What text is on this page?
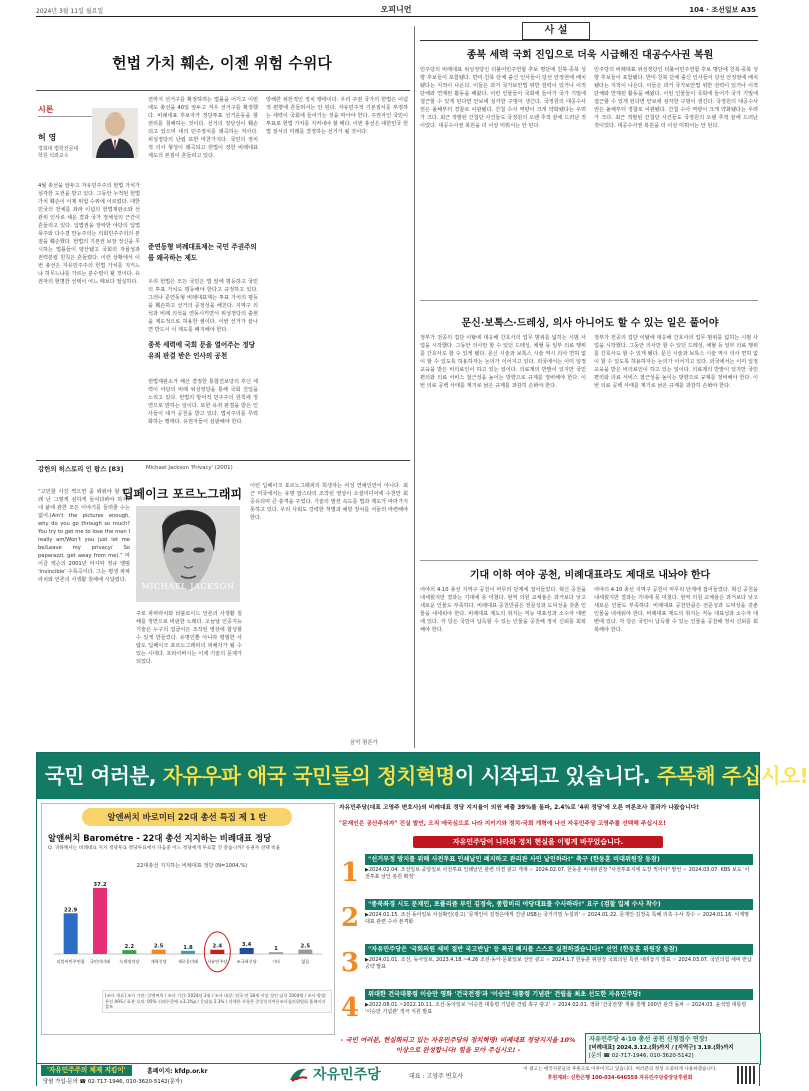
2024년 3월 11일 월요일	오피니언	104 · 조선일보 A35
헌법 가치 훼손, 이젠 위험 수위다
시론
허 영
경희대 법학전문대학원 석좌교수
4월 총선을 앞두고 자유민주주의 헌법 가치가 심각한 도전을 받고 있다. 그동안 누적된 헌법 가치 훼손이 이제 위험 수위에 이르렀다. 대한민국의 전체를 좌파 이념의 헌법재판소와 선관위 인사로 채운 결과 국가 정체성의 근간이 흔들리고 있다. 입법권을 장악한 야당의 입법 폭주와 다수결 만능주의는 의회민주주의의 본질을 훼손했다. 헌법의 기본권 보장 정신을 무시하는 법률들이 양산됐고 국회의 자율성과 권력분립 원칙은 흔들렸다. 이런 상황에서 이번 총선은 자유민주주의 헌법 가치를 지키느냐 허무느냐를 가르는 분수령이 될 것이다. 유권자의 현명한 선택이 어느 때보다 절실하다.
전까지 선거구를 확정하려는 법률을 어기고 이번에도 총선을 40일 앞두고 겨우 선거구를 확정했다. 비례대표 후보자가 정당투표 선거운동을 할 권리를 침해하는 것이다. 선거의 정당성이 훼손되고 있으며 대의 민주정치를 왜곡하는 처사다. 위성정당의 난립 또한 마찬가지다. 국민의 정치적 의사 형성이 왜곡되고 헌법이 정한 비례대표 제도의 본질이 흔들리고 있다.
준연동형 비례대표제는 국민 주권주의를 왜곡하는 제도
우리 헌법은 모든 국민은 법 앞에 평등하고 국민의 투표 가치도 평등해야 한다고 규정하고 있다. 그러나 준연동형 비례대표제는 투표 가치의 평등을 훼손하고 선거의 공정성을 해친다. 지역구 의석과 비례 의석을 연동시키면서 위성정당의 출현을 제도적으로 허용한 셈이다. 이번 선거가 끝나면 반드시 이 제도를 폐지해야 한다.
종북 세력에 국회 문을 열어주는 정당 유죄 판결 받은 인사의 공천
헌법재판소가 해산 결정한 통합진보당의 후신 세력이 야당의 비례 위성정당을 통해 국회 진입을 노리고 있다. 헌법의 방어적 민주주의 원칙에 정면으로 반하는 일이다. 또한 유죄 판결을 받은 인사들이 대거 공천을 받고 있다. 법치주의를 무력화하는 행태다. 유권자들이 심판해야 한다.
방해한 위헌적인 정치 행태이다. 우리 주권 국가의 헌법은 이념적 편향에 흔들려서는 안 된다. 자유민주적 기본질서를 부정하는 세력이 국회에 들어가는 것을 막아야 한다. 주권자인 국민이 투표로 헌법 가치를 지켜내야 할 때다. 이번 총선은 대한민국 헌법 질서의 미래를 결정하는 선거가 될 것이다.
강헌의 히스토리 인 팝스 [83]	Michael Jackson 'Privacy' (2001)
딥페이크 포르노그래피
MICHAEL JACKSON
“고민할 사진 찍으면 좀 봐줘야 할 아? 왜 난 그렇게 심하게 들여다봐야 하지? 내 삶에 관한 모든 이야기를 들려줄 수는 없어.(Ain't the pictures enough, why do you go through so much? You try to get me to lose the man I really am/Won't you just let me be/Leave my privacy/ So paparazzi, get away from me).” 마이클 잭슨의 2001년 마지막 정규 앨범 'Invincible' 수록곡이다. 그는 평생 파파라치와 언론의 사생활 침해에 시달렸다.
주로 파파라치와 타블로이드 언론의 사생활 침해를 정면으로 비판한 노래다. 오늘날 인공지능 기술은 누구의 얼굴이든 조작된 영상에 합성할 수 있게 만들었다. 유명인뿐 아니라 평범한 사람도 딥페이크 포르노그래피의 피해자가 될 수 있는 시대다. 프라이버시는 이제 기술의 문제가 되었다.
이런 딥페이크 포르노그래피의 희생자는 여성 연예인만이 아니다. 최근 미국에서는 유명 팝스타의 조작된 영상이 소셜미디어에 수천만 회 공유되며 큰 충격을 주었다. 기술의 발전 속도를 법과 제도가 따라가지 못하고 있다. 우리 사회도 강력한 처벌과 예방 장치를 서둘러 마련해야 한다.
음악 평론가
사 설
종북 세력 국회 진입으로 더욱 시급해진 대공수사권 복원
민주당의 비례대표 위성정당인 더불어민주연합 후보 명단에 친북·종북 성향 후보들이 포함됐다. 반미·친북 단체 출신 인사들이 당선 안정권에 배치됐다는 지적이 나온다. 이들은 과거 국가보안법 위반 전력이 있거나 이적 단체와 연계된 활동을 해왔다. 이런 인물들이 국회에 들어가 국가 기밀에 접근할 수 있게 된다면 안보에 심각한 구멍이 생긴다. 국정원의 대공수사권은 올해부터 경찰로 이관됐다. 간첩 수사 역량이 크게 약화됐다는 우려가 크다. 최근 적발된 간첩단 사건들도 국정원의 오랜 추적 끝에 드러난 것이었다. 대공수사권 복원을 더 이상 미뤄서는 안 된다.
민주당의 비례대표 위성정당인 더불어민주연합 후보 명단에 친북·종북 성향 후보들이 포함됐다. 반미·친북 단체 출신 인사들이 당선 안정권에 배치됐다는 지적이 나온다. 이들은 과거 국가보안법 위반 전력이 있거나 이적 단체와 연계된 활동을 해왔다. 이런 인물들이 국회에 들어가 국가 기밀에 접근할 수 있게 된다면 안보에 심각한 구멍이 생긴다. 국정원의 대공수사권은 올해부터 경찰로 이관됐다. 간첩 수사 역량이 크게 약화됐다는 우려가 크다. 최근 적발된 간첩단 사건들도 국정원의 오랜 추적 끝에 드러난 것이었다. 대공수사권 복원을 더 이상 미뤄서는 안 된다.
문신·보톡스·드레싱, 의사 아니어도 할 수 있는 일은 풀어야
정부가 전공의 집단 이탈에 대응해 간호사의 업무 범위를 넓히는 시범 사업을 시작했다. 그동안 의사만 할 수 있던 드레싱, 채혈 등 일부 의료 행위를 간호사도 할 수 있게 됐다. 문신 시술과 보톡스 시술 역시 의사 면허 없이 할 수 있도록 허용하자는 논의가 이어지고 있다. 외국에서는 이미 일정 교육을 받은 비의료인이 하고 있는 일이다. 의료계의 반발이 있지만 국민 편의와 의료 서비스 접근성을 높이는 방향으로 규제를 정비해야 한다. 이번 의료 공백 사태를 계기로 낡은 규제를 과감히 손봐야 한다.
정부가 전공의 집단 이탈에 대응해 간호사의 업무 범위를 넓히는 시범 사업을 시작했다. 그동안 의사만 할 수 있던 드레싱, 채혈 등 일부 의료 행위를 간호사도 할 수 있게 됐다. 문신 시술과 보톡스 시술 역시 의사 면허 없이 할 수 있도록 허용하자는 논의가 이어지고 있다. 외국에서는 이미 일정 교육을 받은 비의료인이 하고 있는 일이다. 의료계의 반발이 있지만 국민 편의와 의료 서비스 접근성을 높이는 방향으로 규제를 정비해야 한다. 이번 의료 공백 사태를 계기로 낡은 규제를 과감히 손봐야 한다.
기대 이하 여야 공천, 비례대표라도 제대로 내놔야 한다
여야의 4·10 총선 지역구 공천이 마무리 단계에 접어들었다. 혁신 공천을 내세웠지만 결과는 기대에 못 미쳤다. 현역 의원 교체율은 과거보다 낮고 새로운 인물도 부족하다. 비례대표 공천만큼은 전문성과 도덕성을 갖춘 인물을 내세워야 한다. 비례대표 제도의 취지는 직능 대표성과 소수자 대변에 있다. 각 당은 국민이 납득할 수 있는 인물을 공천해 정치 신뢰를 회복해야 한다.
여야의 4·10 총선 지역구 공천이 마무리 단계에 접어들었다. 혁신 공천을 내세웠지만 결과는 기대에 못 미쳤다. 현역 의원 교체율은 과거보다 낮고 새로운 인물도 부족하다. 비례대표 공천만큼은 전문성과 도덕성을 갖춘 인물을 내세워야 한다. 비례대표 제도의 취지는 직능 대표성과 소수자 대변에 있다. 각 당은 국민이 납득할 수 있는 인물을 공천해 정치 신뢰를 회복해야 한다.
국민 여러분, 자유우파 애국 국민들의 정치혁명이 시작되고 있습니다. 주목해 주십시오!
알앤써치 바로미터 22대 총선 특집 제 1 탄
알앤써치 Barométre - 22대 총선 지지하는 비례대표 정당
Q. 귀하께서는 비례대표 지지 정당투표 정당투표에서 다음중 어느 정당에게 투표할 것 같습니까? 유권자 선택 비율
22대총선 지지하는 비례대표 정당 (N=1004,%)
22.9
더불어민주연합
37.2
국민의미래
2.2
녹색정의당
2.5
개혁신당
1.8
새로운미래
2.4
자유민주당
3.4
조국혁신당
1
기타
2.5
없음
[조사 개요] 조사 기관: 알앤써치 / 조사 기간: 2024년 3월 / 조사 대상: 전국 만 18세 이상 성인 남녀 1004명 / 조사 방법: 무선 ARS / 표본 오차: 95% 신뢰수준에 ±3.1%p / 응답률 2.3% / 자세한 사항은 중앙선거여론조사심의위원회 홈페이지 참조
자유민주당(대표 고영주 변호사)의 비례대표 정당 지지율이 의원 배출 39%를 돌파, 2.4%로 '4위 정당'에 오른 여론조사 결과가 나왔습니다!
"문재인은 공산주의자" 진실 발언, 오직 애국심으로 나라 지키기와 정치·국회 개혁에 나선 자유민주당 고영주를 선택해 주십시오!
자유민주당이 나라와 정치 현실을 이렇게 바꾸었습니다.
1	"선거부정 방지를 위해 사전투표 인쇄날인 폐지하고 관리관 사인 날인하라!" 촉구 (한동훈 비대위원장 동참)
▶2024.02.04. 조선일보·중앙일보 사전투표 인쇄날인 관련 의견 광고 게재 ☞ 2024.02.07. 한동훈 비대위원장 "사전투표지에 도장 찍어야" 발언 ☞ 2024.03.07. KBS 보도 '사전투표 날인 복원 확정'
2	"종북좌경 시도 문재인, 포퓰리즘 부인 김정숙, 종합비리 야당대표를 수사하라!" 요구 (검찰 일제 수사 착수)
▶2024.01.15. 조선·동아일보 사실확인(광고) '문재인이 김정은에게 건넨 USB는 국가기밀 누설죄' ☞ 2024.01.22. 문재인·김정숙 특혜 의혹 수사 착수 ☞ 2024.01.16. 이재명 대표 관련 수사 본격화
3	"자유민주당은 '국회의원 세비 절반 국고반납' 등 특권 폐지를 스스로 실천하겠습니다!" 선언 (한동훈 위원장 동참)
▶2024.01.01. 조선, 동아일보, 2023.4.18.~4.26 조선·동아·문화일보 선언 광고 ☞ 2024.1.7 한동훈 위원장 국회의원 특권 내려놓기 발표 ☞ 2024.03.07. 국민의힘 세비 반납 공약 발표
4	위대한 건국대통령 이승만 영화 '건국전쟁'과 '이승만 대통령 기념관' 건립을 최초 선도한 자유민주당!
▶2022.08.01.~2022.10.11. 조선·동아일보 '이승만 대통령 기념관 건립 촉구 광고' ☞ 2024.02.01. 영화 '건국전쟁' 개봉 흥행 100만 관객 돌파 ☞ 2024.03. 윤석열 대통령 '이승만 기념관' 적극 지원 발표
- 국민 여러분, 현실화되고 있는 자유민주당의 정치혁명! 비례대표 정당지지율 10% 이상으로 완성합니다! 힘을 모아 주십시오! -
자유민주당 4·10 총선 공천 신청접수 연장!
[비례대표] 2024.3.12.(화)까지 / [지역구] 3.19.(화)까지
[문의 ☎ 02-717-1946, 010-3620-5142]
'자유민주주의 체제 지킴이'	홈페이지: kfdp.or.kr
당원 가입·문의 ☎ 02-717-1946, 010-3620-5142(문자)	자유민주당	대표 : 고영주 변호사
이 광고는 애국자분들의 후원으로 이루어지고 있습니다. 여러분의 정성 소중하게 사용하겠습니다.
후원계좌: 신한은행 100-034-646559 자유민주당중앙당후원회
